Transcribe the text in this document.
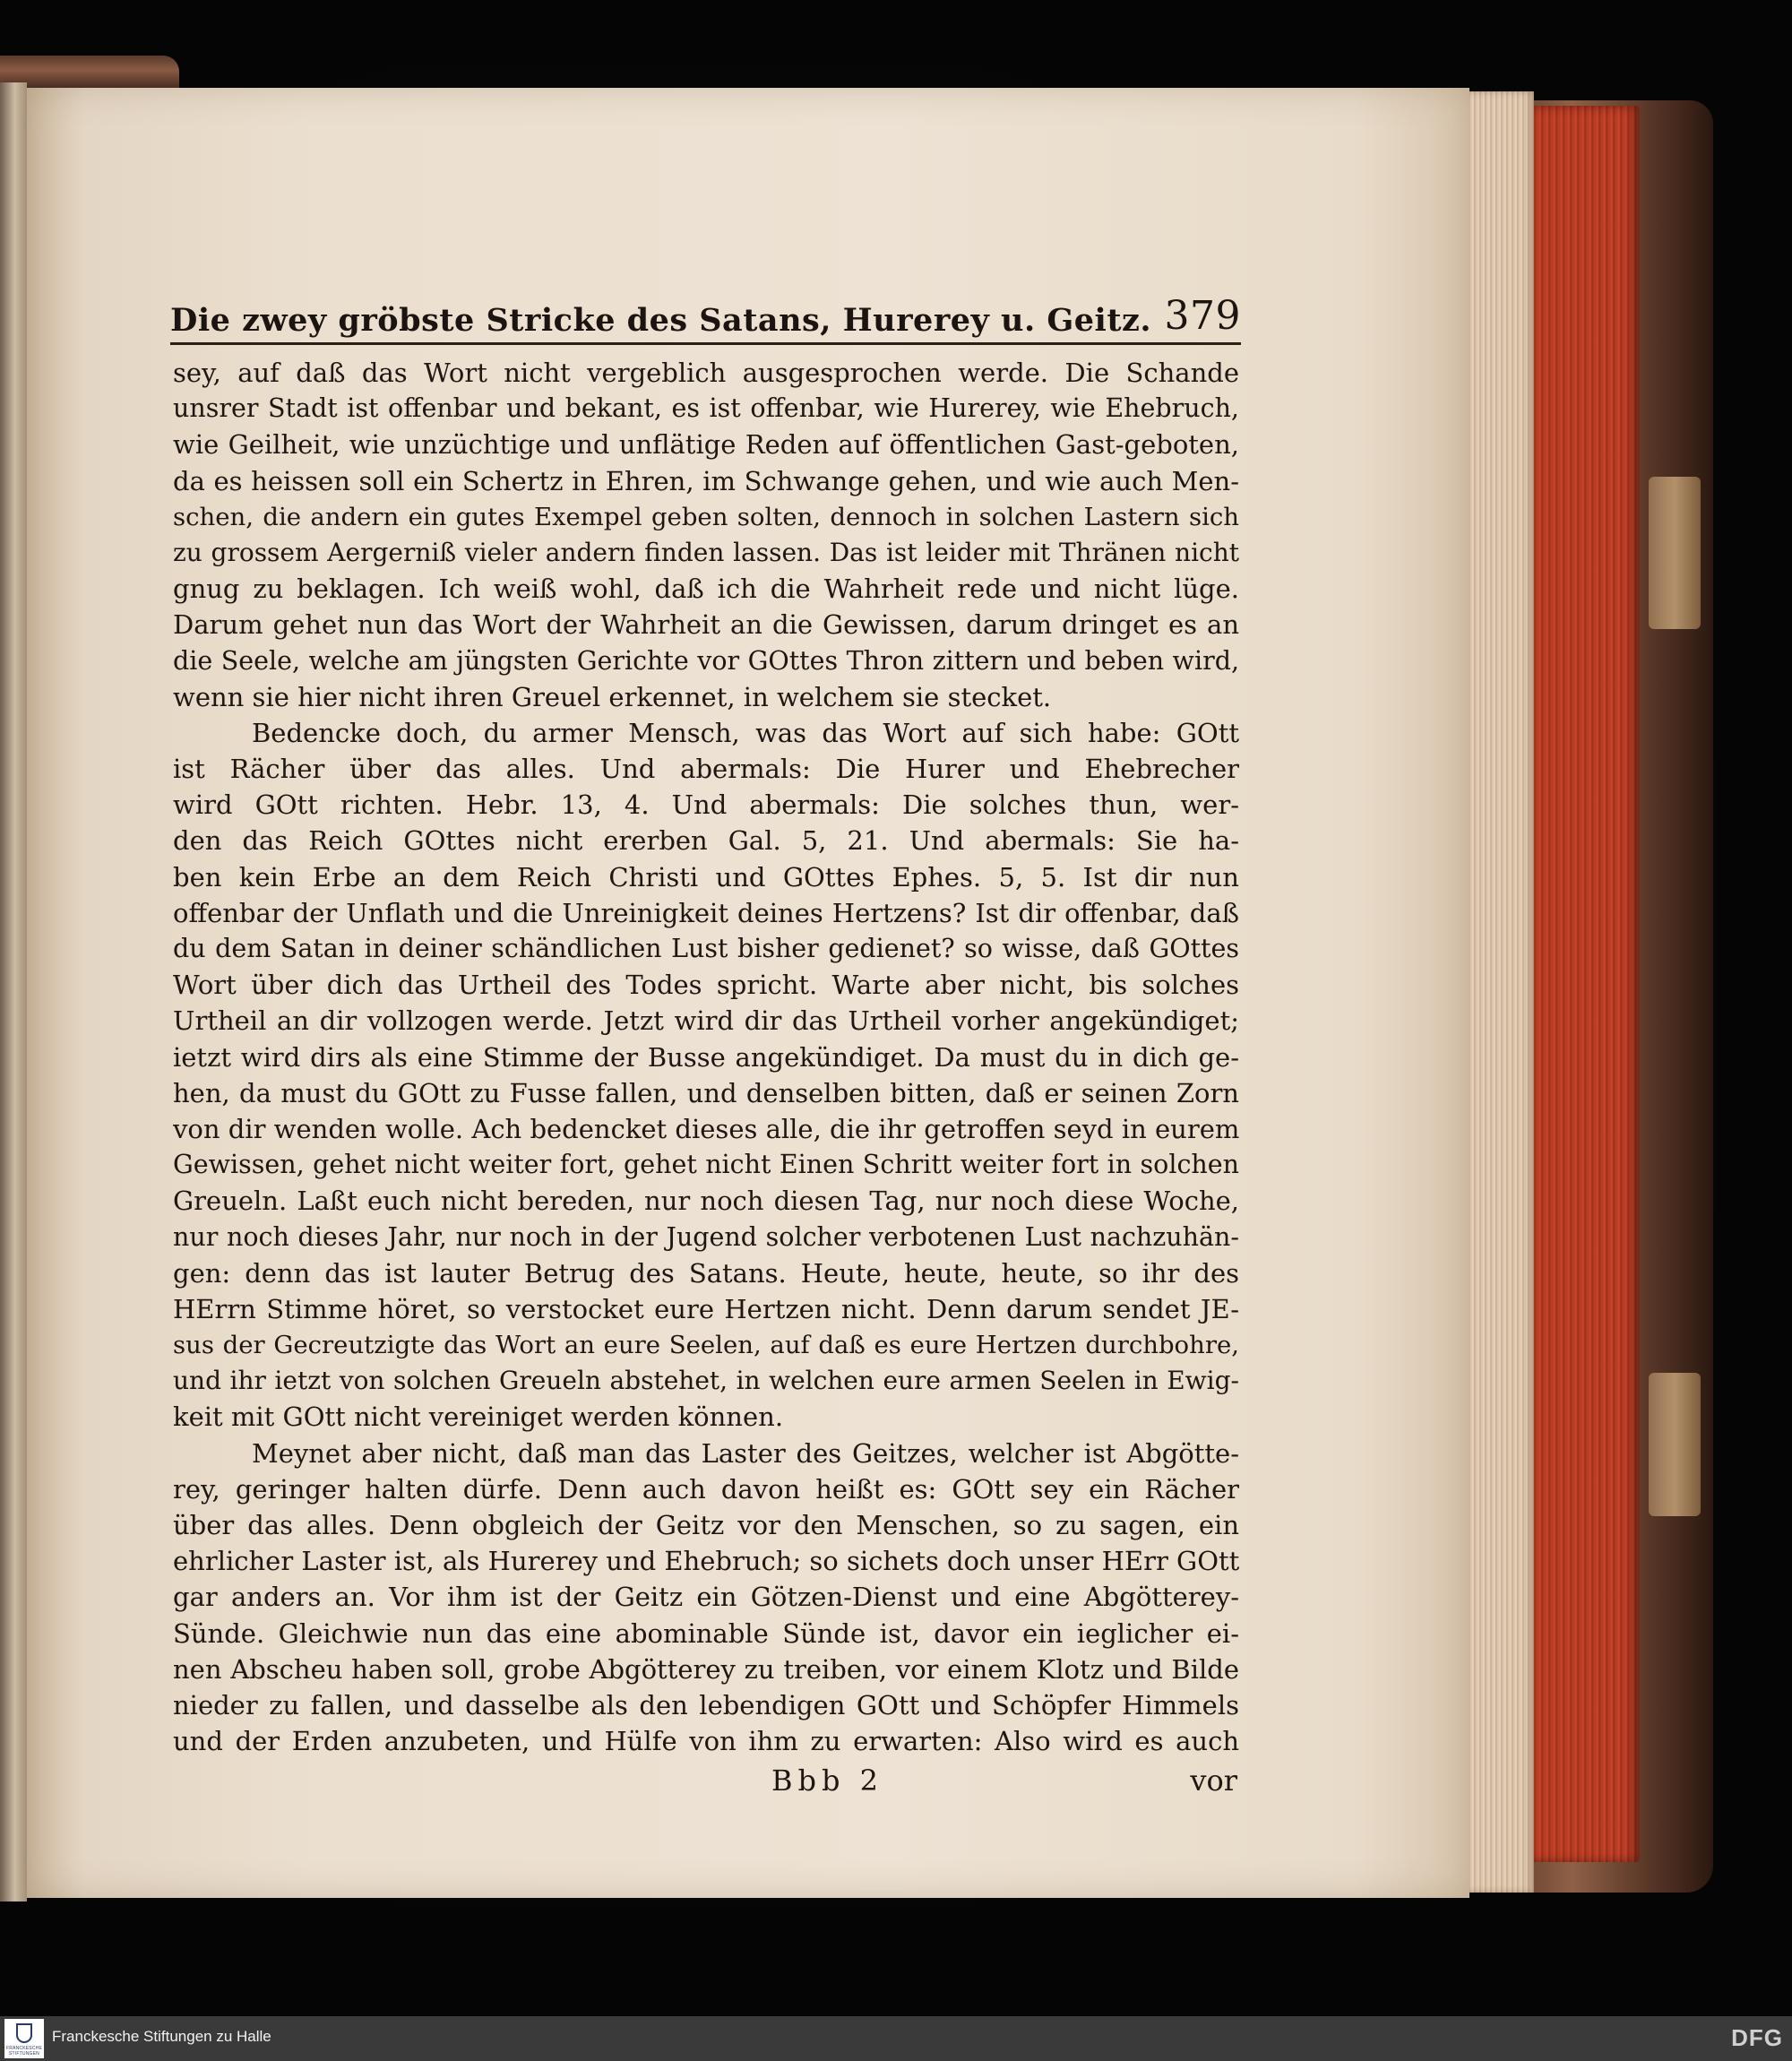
Die zwey gröbste Stricke des Satans, Hurerey u. Geitz. 379
sey, auf daß das Wort nicht vergeblich ausgesprochen werde. Die Schande
unsrer Stadt ist offenbar und bekant, es ist offenbar, wie Hurerey, wie Ehebruch,
wie Geilheit, wie unzüchtige und unflätige Reden auf öffentlichen Gast-geboten,
da es heissen soll ein Schertz in Ehren, im Schwange gehen, und wie auch Men-
schen, die andern ein gutes Exempel geben solten, dennoch in solchen Lastern sich
zu grossem Aergerniß vieler andern finden lassen. Das ist leider mit Thränen nicht
gnug zu beklagen. Ich weiß wohl, daß ich die Wahrheit rede und nicht lüge.
Darum gehet nun das Wort der Wahrheit an die Gewissen, darum dringet es an
die Seele, welche am jüngsten Gerichte vor GOttes Thron zittern und beben wird,
wenn sie hier nicht ihren Greuel erkennet, in welchem sie stecket.
Bedencke doch, du armer Mensch, was das Wort auf sich habe: GOtt
ist Rächer über das alles. Und abermals: Die Hurer und Ehebrecher
wird GOtt richten. Hebr. 13, 4. Und abermals: Die solches thun, wer-
den das Reich GOttes nicht ererben Gal. 5, 21. Und abermals: Sie ha-
ben kein Erbe an dem Reich Christi und GOttes Ephes. 5, 5. Ist dir nun
offenbar der Unflath und die Unreinigkeit deines Hertzens? Ist dir offenbar, daß
du dem Satan in deiner schändlichen Lust bisher gedienet? so wisse, daß GOttes
Wort über dich das Urtheil des Todes spricht. Warte aber nicht, bis solches
Urtheil an dir vollzogen werde. Jetzt wird dir das Urtheil vorher angekündiget;
ietzt wird dirs als eine Stimme der Busse angekündiget. Da must du in dich ge-
hen, da must du GOtt zu Fusse fallen, und denselben bitten, daß er seinen Zorn
von dir wenden wolle. Ach bedencket dieses alle, die ihr getroffen seyd in eurem
Gewissen, gehet nicht weiter fort, gehet nicht Einen Schritt weiter fort in solchen
Greueln. Laßt euch nicht bereden, nur noch diesen Tag, nur noch diese Woche,
nur noch dieses Jahr, nur noch in der Jugend solcher verbotenen Lust nachzuhän-
gen: denn das ist lauter Betrug des Satans. Heute, heute, heute, so ihr des
HErrn Stimme höret, so verstocket eure Hertzen nicht. Denn darum sendet JE-
sus der Gecreutzigte das Wort an eure Seelen, auf daß es eure Hertzen durchbohre,
und ihr ietzt von solchen Greueln abstehet, in welchen eure armen Seelen in Ewig-
keit mit GOtt nicht vereiniget werden können.
Meynet aber nicht, daß man das Laster des Geitzes, welcher ist Abgötte-
rey, geringer halten dürfe. Denn auch davon heißt es: GOtt sey ein Rächer
über das alles. Denn obgleich der Geitz vor den Menschen, so zu sagen, ein
ehrlicher Laster ist, als Hurerey und Ehebruch; so sichets doch unser HErr GOtt
gar anders an. Vor ihm ist der Geitz ein Götzen-Dienst und eine Abgötterey-
Sünde. Gleichwie nun das eine abominable Sünde ist, davor ein ieglicher ei-
nen Abscheu haben soll, grobe Abgötterey zu treiben, vor einem Klotz und Bilde
nieder zu fallen, und dasselbe als den lebendigen GOtt und Schöpfer Himmels
und der Erden anzubeten, und Hülfe von ihm zu erwarten: Also wird es auch
Bbb 2	vor
FRANCKESCHE STIFTUNGEN
Franckesche Stiftungen zu Halle	DFG
